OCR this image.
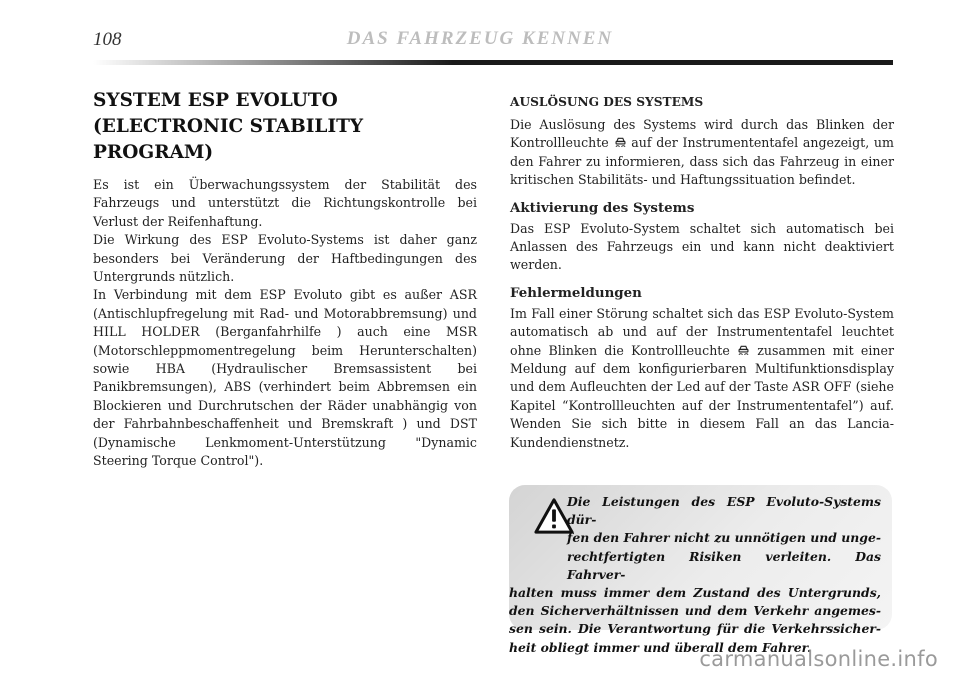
108	DAS FAHRZEUG KENNEN
SYSTEM ESP EVOLUTO
(ELECTRONIC STABILITY
PROGRAM)

Es ist ein Überwachungssystem der Stabilität des Fahrzeugs und unterstützt die Richtungskontrolle bei Verlust der Reifenhaftung.
Die Wirkung des ESP Evoluto-Systems ist daher ganz besonders bei Veränderung der Haftbedingungen des Untergrunds nützlich.
In Verbindung mit dem ESP Evoluto gibt es außer ASR (Antischlupfregelung mit Rad- und Motorabbremsung) und HILL HOLDER (Berganfahrhilfe ) auch eine MSR (Motorschleppmomentregelung beim Herunterschalten) sowie HBA (Hydraulischer Bremsassistent bei Panikbremsungen), ABS (verhindert beim Abbremsen ein Blockieren und Durchrutschen der Räder unabhängig von der Fahrbahnbeschaffenheit und Bremskraft ) und DST (Dynamische Lenkmoment-Unterstützung "Dynamic Steering Torque Control").

AUSLÖSUNG DES SYSTEMS

Die Auslösung des Systems wird durch das Blinken der Kontrollleuchte auf der Instrumententafel angezeigt, um den Fahrer zu informieren, dass sich das Fahrzeug in einer kritischen Stabilitäts- und Haftungssituation befindet.

Aktivierung des Systems

Das ESP Evoluto-System schaltet sich automatisch bei Anlassen des Fahrzeugs ein und kann nicht deaktiviert werden.

Fehlermeldungen

Im Fall einer Störung schaltet sich das ESP Evoluto-System automatisch ab und auf der Instrumententafel leuchtet ohne Blinken die Kontrollleuchte zusammen mit einer Meldung auf dem konfigurierbaren Multifunktionsdisplay und dem Aufleuchten der Led auf der Taste ASR OFF (siehe Kapitel “Kontrollleuchten auf der Instrumententafel”) auf. Wenden Sie sich bitte in diesem Fall an das Lancia-Kundendienstnetz.

Die Leistungen des ESP Evoluto-Systems dür-
fen den Fahrer nicht zu unnötigen und unge-
rechtfertigten Risiken verleiten. Das Fahrver-
halten muss immer dem Zustand des Untergrunds,
den Sicherverhältnissen und dem Verkehr angemes-
sen sein. Die Verantwortung für die Verkehrssicher-
heit obliegt immer und überall dem Fahrer.
carmanualsonline.info
